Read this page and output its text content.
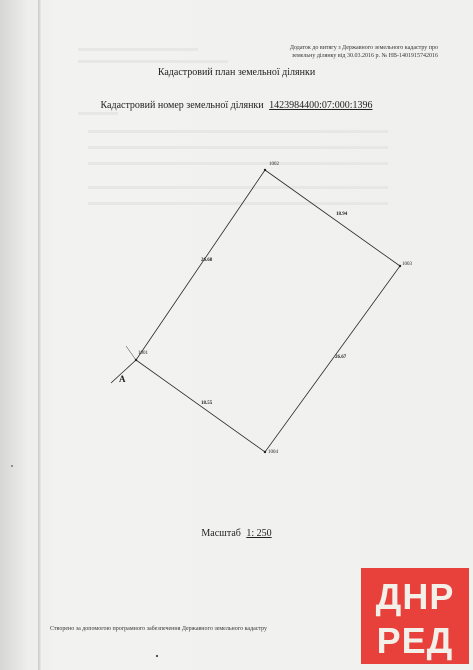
Додаток до витягу з Державного земельного кадастру про
земельну ділянку від 30.03.2016 р. № НВ-1401915742016
Кадастровий план земельної ділянки
Кадастровий номер земельної ділянки 1423984400:07:000:1396
1001
1002
1003
1004
26.68
18.94
26.67
18.55
A
Масштаб 1: 250
Створено за допомогою програмного забезпечення Державного земельного кадастру
ДНР
РЕД
